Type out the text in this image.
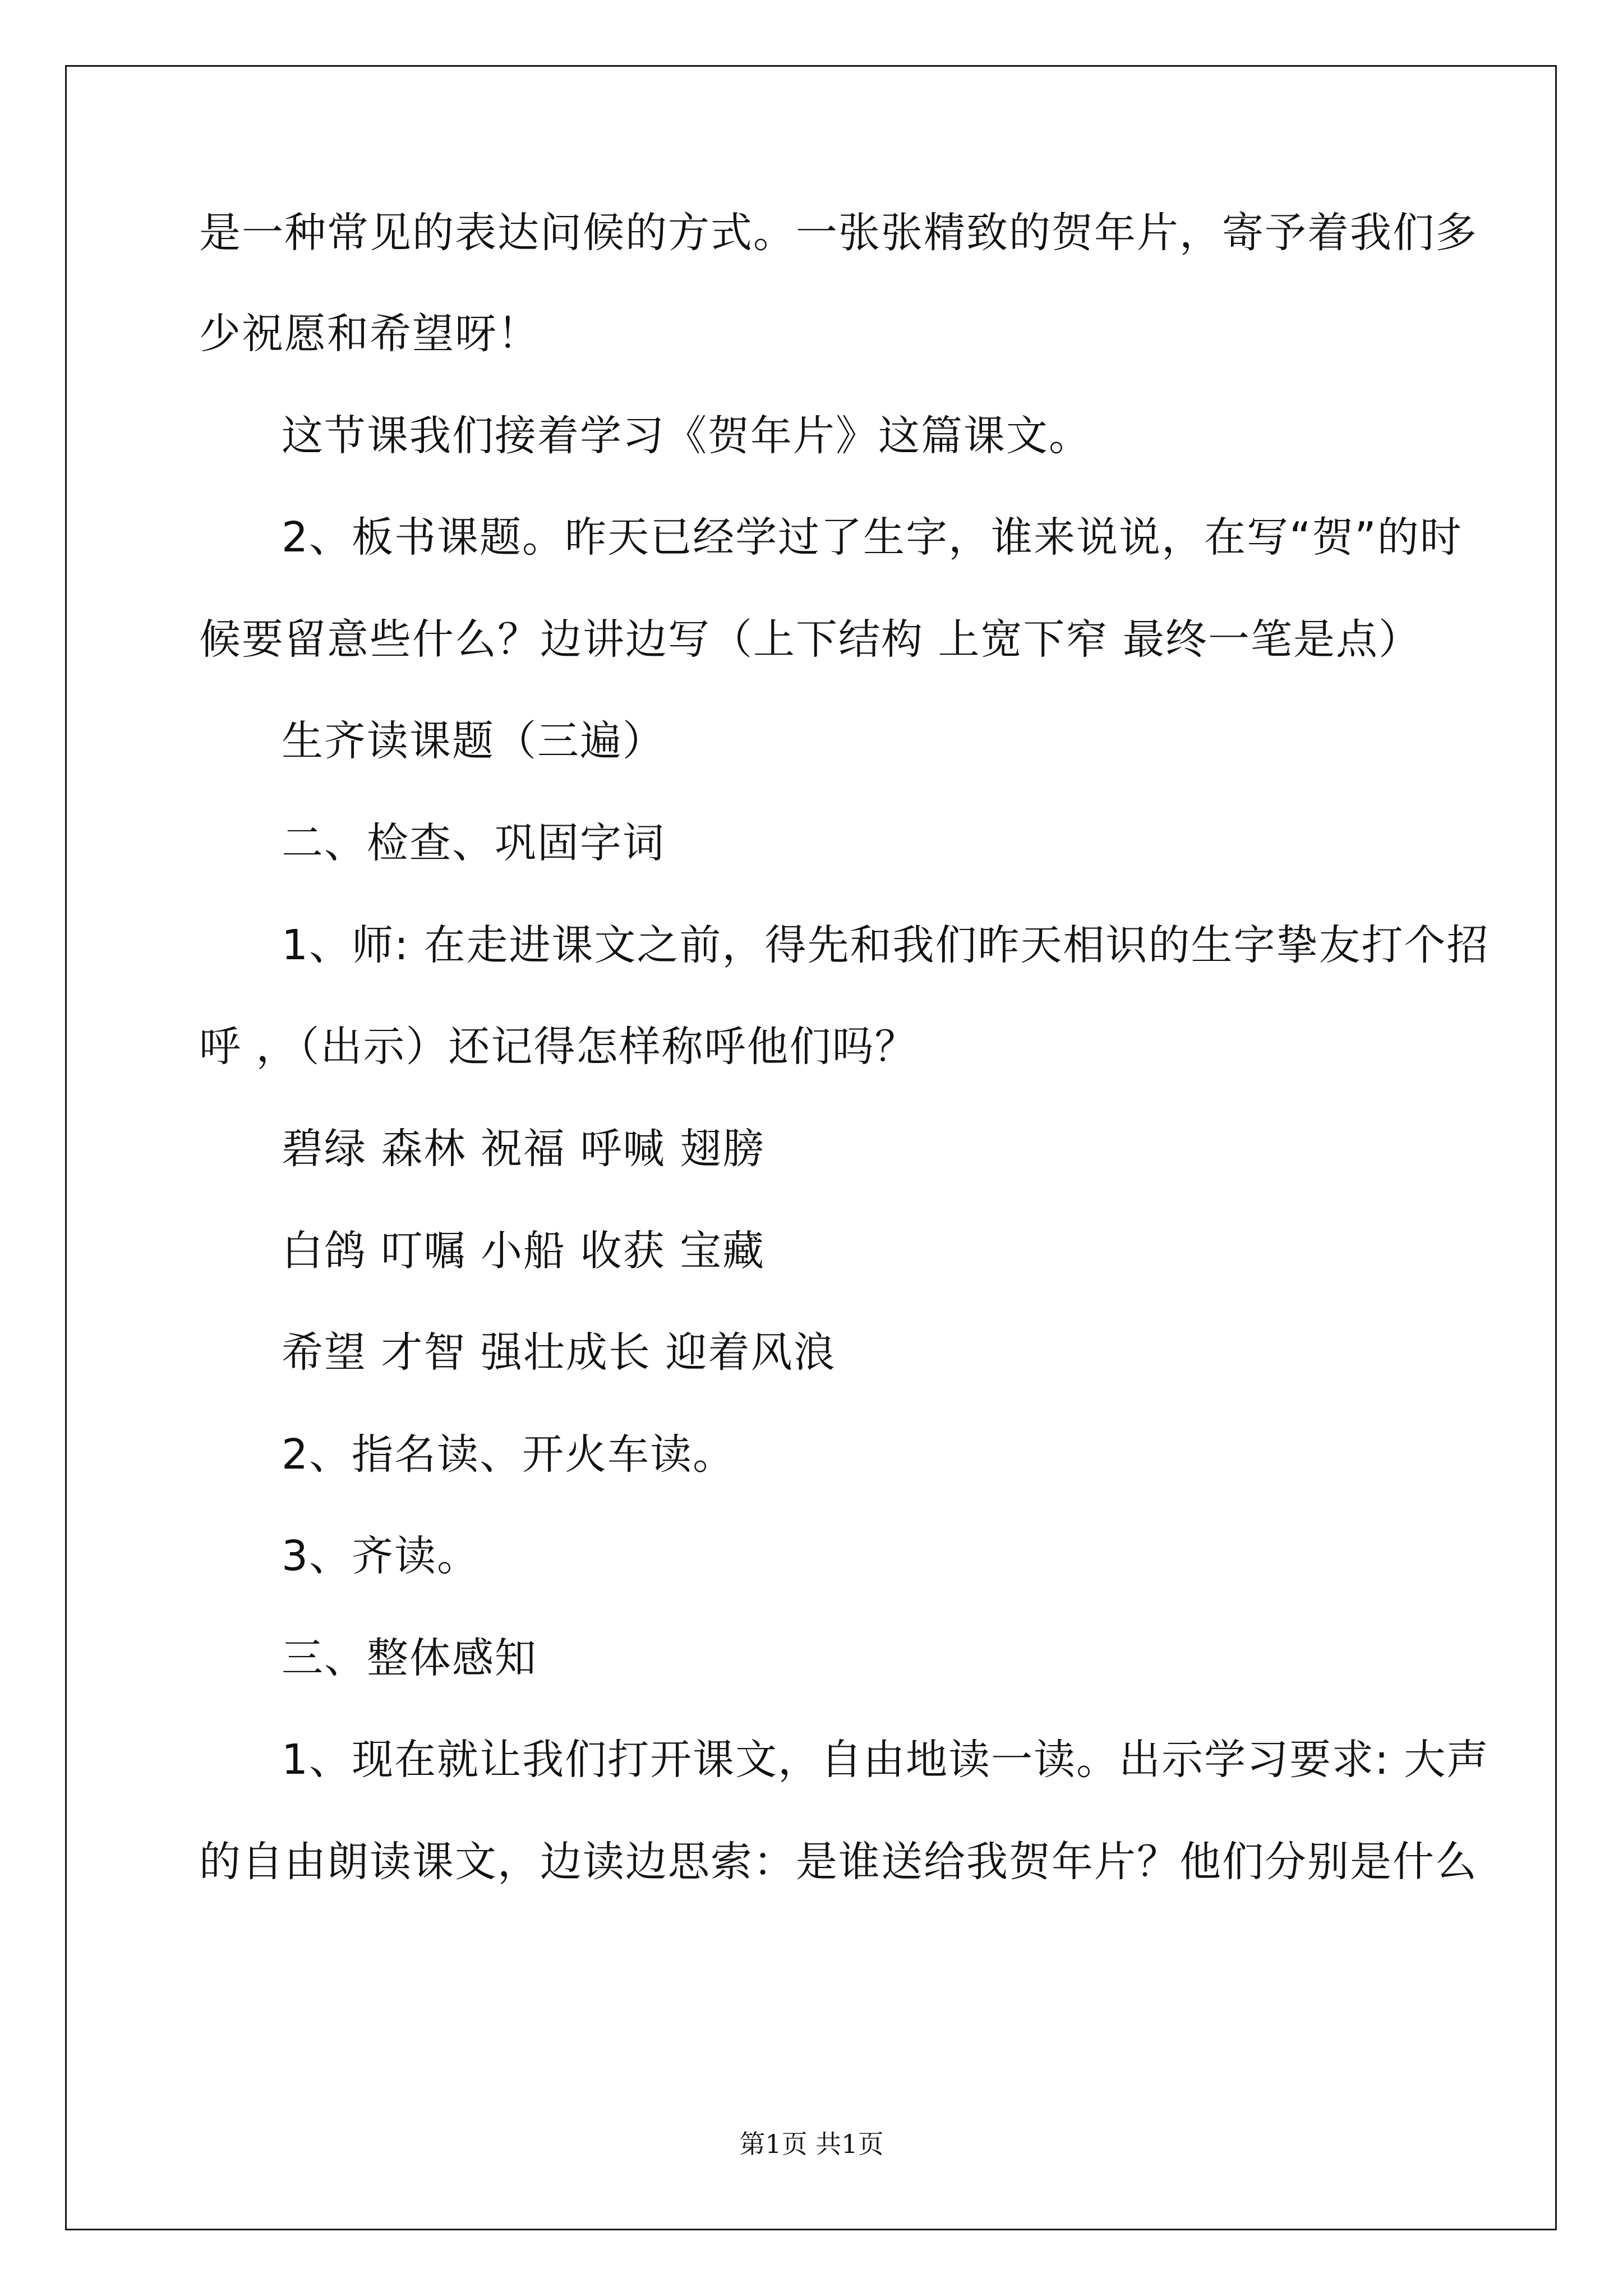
是一种常见的表达问候的方式。一张张精致的贺年片，寄予着我们多
少祝愿和希望呀！
这节课我们接着学习《贺年片》这篇课文。
2、板书课题。昨天已经学过了生字，谁来说说，在写“贺”的时
候要留意些什么？边讲边写（上下结构 上宽下窄 最终一笔是点）
生齐读课题（三遍）
二、检查、巩固字词
1、师: 在走进课文之前，得先和我们昨天相识的生字挚友打个招
呼 ，（出示）还记得怎样称呼他们吗？
碧绿 森林 祝福 呼喊 翅膀
白鸽 叮嘱 小船 收获 宝藏
希望 才智 强壮成长 迎着风浪
2、指名读、开火车读。
3、齐读。
三、整体感知
1、现在就让我们打开课文，自由地读一读。出示学习要求: 大声
的自由朗读课文，边读边思索：是谁送给我贺年片？他们分别是什么
第1页 共1页
